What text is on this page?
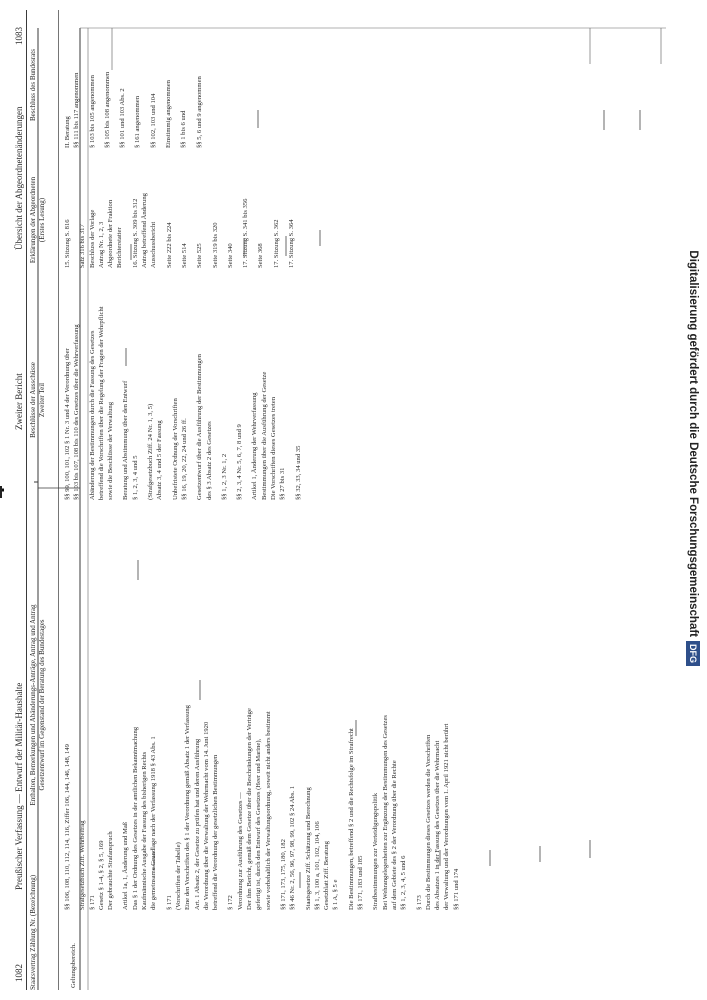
1082
Preußischer Verfassung — Entwurf der Militär-Haushalte
Zweiter Bericht
Übersicht der Abgeordnetenänderungen
1083
Staatsvertrag Zählung Nr. (Bezeichnung)	Geltungsbereich.
Enthalten, Bemerkungen und Abänderungs-Anträge, Antrag und Antrag Gesetzentwurf im Gegenstand der Beratung des Bundestages
Beschlüsse der Ausschüsse Zweiter Teil
Erklärungen der Abgeordneten (Erstes Lesung)
Beschluss des Bundesrats

§§ 106, 108, 110, 112, 114, 116, Ziffer 106, 144, 146, 148, 149 Strafgesetzbuch Ziff. Wehrbeitrag § 171 Gesetz § 1-4, § 2, § 5, 169 Der gebrauchte Strafanspruch Artikel 1a, 1, Änderung und Maß Das § 1 der Ordnung des Gesetzes in der amtlichen Bekanntmachung Kaufmännische Ausgabe der Fassung des bisherigen Rechts die gemeinsame Grundlage nach der Verfassung 1918 § 43 Abs. 1 § 171 (Vorschriften der Tabelle) Eine den Vorschriften des § 1 der Verordnung gemäß Absatz 1 der Verfassung Art. 1 Absatz 2, der Gesetze zu prüfen hat und deren Ausführung die Verordnung über die Verwaltung der Wehrmacht vom 14. Juni 1920 betreffend die Verordnung der gesetzlichen Bestimmungen § 172 Verordnung zur Ausführung des Gesetzes — Der ihm Bericht, gemäß dem Gesetze über die Beschränkungen der Verträge gefertigt ist, durch den Entwurf des Gesetzes (Heer und Marine), sowie vorbehaltlich der Verwaltungsordnung, soweit nicht anders bestimmt §§ 171, 173, 175, 180, 182 §§ 46 Nr. 2, 56, 96, 97, 98, 99, 102 § 24 Abs. 1 Staatsgesetze Ziff. Schätzung und Berechnung §§ 1, 3, 100 a, 101, 102, 104, 106 Gesetzblatt Ziff. Beratung § 1 A, § 5 e Die Bestimmungen, betreffend § 2 und die Rechtsfolge im Strafrecht §§ 171, 183 und 185 Strafbestimmungen zur Verteidigungspolitik Bei Wehrangelegenheiten zur Ergänzung der Bestimmungen des Gesetzes auf dem Gebiete des § 2 der Verordnung über die Rechte §§ 1, 2, 3, 4, 5 und 6 § 173 Durch die Bestimmungen dieses Gesetzes werden die Vorschriften des Absatzes 1 in der Fassung des Gesetzes über die Wehrmacht der Verwaltung und der Verordnungen vom 1. April 1921 nicht berührt §§ 171 und 174

§§ 99, 100, 101, 102 § 1 Nr. 3 und 4 der Verordnung über §§ 103 bis 107, 108 bis 110 des Gesetzes über die Wehrverfassung Abänderung der Bestimmungen durch die Fassung des Gesetzes betreffend die Vorschriften über die Regelung der Fragen der Wehrpflicht sowie die Beschlüsse der Verwaltung Beratung und Abstimmung über den Entwurf § 1, 2, 3, 4 und 5 (Strafgesetzbuch Ziff. 24 Nr. 1, 3, 5) Absatz 3, 4 und 5 der Fassung Unbefristete Ordnung der Vorschriften §§ 16, 19, 20, 22, 24 und 26 ff. Gesetzentwurf über die Ausführung der Bestimmungen des § 3 Absatz 2 des Gesetzes §§ 1, 2, 3 Nr. 1, 2 §§ 2, 3, 4 Nr. 5, 6, 7, 8 und 9 Artikel 1, Änderung der Wehrverfassung Bestimmungen über die Ausführung der Gesetze Die Vorschriften dieses Gesetzes treten §§ 27 bis 31 §§ 32, 33, 34 und 35

15. Sitzung S. 816 Satz 316 bis 317 Beschluss der Vorlage Antrag Nr. 1, 2, 3 Abgeordnete der Fraktion Berichterstatter 16. Sitzung S. 309 bis 312 Antrag betreffend Änderung Ausschussbericht Seite 222 bis 224 Seite 514 Seite 525 Seite 319 bis 320 Seite 340 17. Sitzung S. 341 bis 356 Seite 368 17. Sitzung S. 362 17. Sitzung S. 364

II. Beratung §§ 111 bis 117 angenommen § 103 bis 105 angenommen §§ 105 bis 108 angenommen §§ 101 und 103 Abs. 2 § 161 angenommen §§ 102, 103 und 104 Einstimmig angenommen §§ 1 bis 6 und §§ 5, 6 und 9 angenommen

Digitalisierung gefördert durch die Deutsche ForschungsgemeinschaftDFG
